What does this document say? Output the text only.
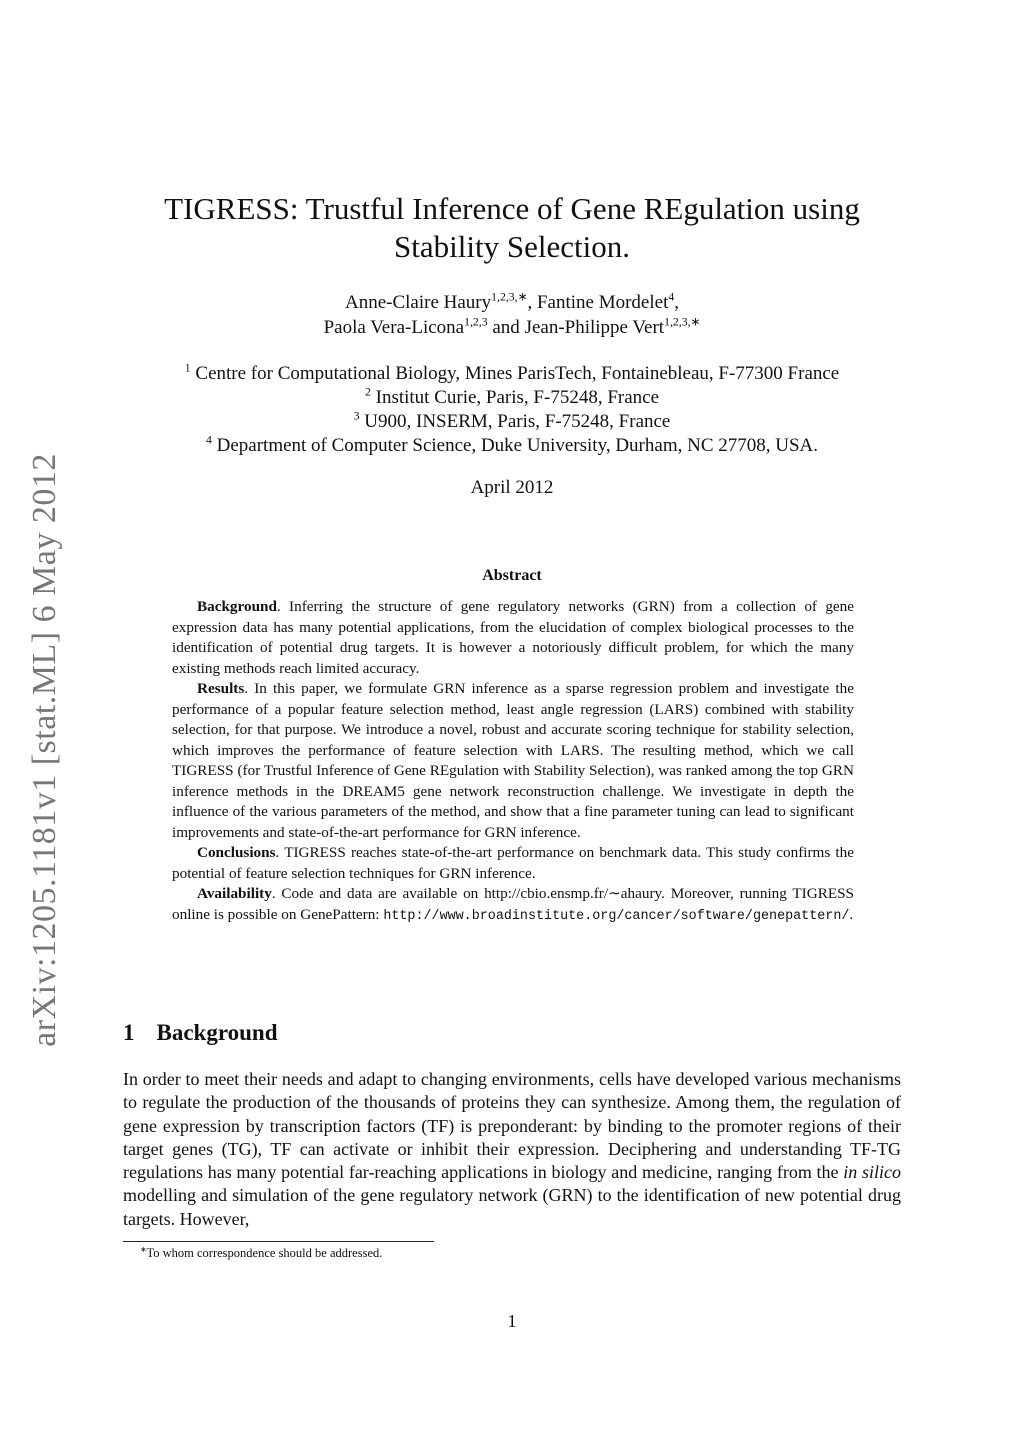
arXiv:1205.1181v1 [stat.ML] 6 May 2012
TIGRESS: Trustful Inference of Gene REgulation using
Stability Selection.
Anne-Claire Haury$^{1,2,3,∗}$, Fantine Mordelet$^4$,
Paola Vera-Licona$^{1,2,3}$ and Jean-Philippe Vert$^{1,2,3,∗}$
$^1$ Centre for Computational Biology, Mines ParisTech, Fontainebleau, F-77300 France
$^2$ Institut Curie, Paris, F-75248, France
$^3$ U900, INSERM, Paris, F-75248, France
$^4$ Department of Computer Science, Duke University, Durham, NC 27708, USA.
April 2012
Abstract

Background. Inferring the structure of gene regulatory networks (GRN) from a collection of gene expression data has many potential applications, from the elucidation of complex biological processes to the identification of potential drug targets. It is however a notoriously difficult problem, for which the many existing methods reach limited accuracy.

Results. In this paper, we formulate GRN inference as a sparse regression problem and investigate the performance of a popular feature selection method, least angle regression (LARS) combined with stability selection, for that purpose. We introduce a novel, robust and accurate scoring technique for stability selection, which improves the performance of feature selection with LARS. The resulting method, which we call TIGRESS (for Trustful Inference of Gene REgulation with Stability Selection), was ranked among the top GRN inference methods in the DREAM5 gene network reconstruction challenge. We investigate in depth the influence of the various parameters of the method, and show that a fine parameter tuning can lead to significant improvements and state-of-the-art performance for GRN inference.

Conclusions. TIGRESS reaches state-of-the-art performance on benchmark data. This study confirms the potential of feature selection techniques for GRN inference.

Availability. Code and data are available on http://cbio.ensmp.fr/∼ahaury. Moreover, running TIGRESS online is possible on GenePattern: http://www.broadinstitute.org/cancer/software/genepattern/.

1 Background

In order to meet their needs and adapt to changing environments, cells have developed various mechanisms to regulate the production of the thousands of proteins they can synthesize. Among them, the regulation of gene expression by transcription factors (TF) is preponderant: by binding to the promoter regions of their target genes (TG), TF can activate or inhibit their expression. Deciphering and understanding TF-TG regulations has many potential far-reaching applications in biology and medicine, ranging from the in silico modelling and simulation of the gene regulatory network (GRN) to the identification of new potential drug targets. However,

∗To whom correspondence should be addressed.
1
